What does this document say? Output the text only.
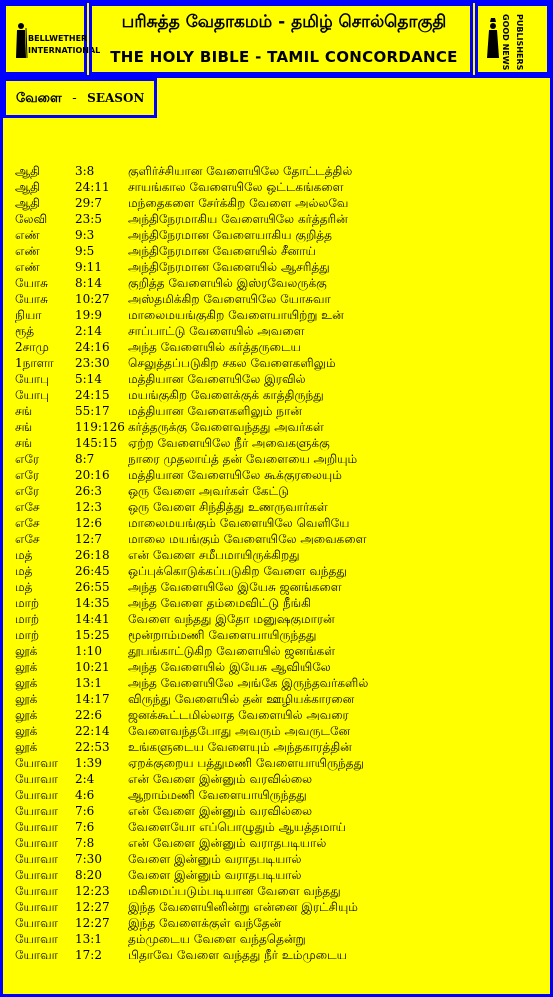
BELLWETHER
INTERNATIONAL
பரிசுத்த வேதாகமம் - தமிழ் சொல்தொகுதி
THE HOLY BIBLE - TAMIL CONCORDANCE	GOOD NEWS PUBLISHERS
வேளை - SEASON
ஆதி	3:8	குளிர்ச்சியான வேளையிலே தோட்டத்தில்
ஆதி	24:11	சாயங்கால வேளையிலே ஒட்டகங்களை
ஆதி	29:7	மந்தைகளை சேர்க்கிற வேளை அல்லவே
லேவி	23:5	அந்திநேரமாகிய வேளையிலே கர்த்தரின்
எண்	9:3	அந்திநேரமான வேளையாகிய குறித்த
எண்	9:5	அந்திநேரமான வேளையில் சீனாய்
எண்	9:11	அந்திநேரமான வேளையில் ஆசரித்து
யோசு	8:14	குறித்த வேளையில் இஸ்ரவேலருக்கு
யோசு	10:27	அஸ்தமிக்கிற வேளையிலே யோசுவா
நியா	19:9	மாலைமயங்குகிற வேளையாயிற்று உன்
ரூத்	2:14	சாப்பாட்டு வேளையில் அவளை
2சாமு	24:16	அந்த வேளையில் கர்த்தருடைய
1நாளா	23:30	செலுத்தப்படுகிற சகல வேளைகளிலும்
யோபு	5:14	மத்தியான வேளையிலே இரவில்
யோபு	24:15	மயங்குகிற வேளைக்குக் காத்திருந்து
சங்	55:17	மத்தியான வேளைகளிலும் நான்
சங்	119:126 கர்த்தருக்கு வேளைவந்தது அவர்கள்
சங்	145:15 ஏற்ற வேளையிலே நீர் அவைகளுக்கு
எரே	8:7	நாரை முதலாய்த் தன் வேளையை அறியும்
எரே	20:16	மத்தியான வேளையிலே கூக்குரலையும்
எரே	26:3	ஒரு வேளை அவர்கள் கேட்டு
எசே	12:3	ஒரு வேளை சிந்தித்து உணருவார்கள்
எசே	12:6	மாலைமயங்கும் வேளையிலே வெளியே
எசே	12:7	மாலை மயங்கும் வேளையிலே அவைகளை
மத்	26:18	என் வேளை சமீபமாயிருக்கிறது
மத்	26:45	ஒப்புக்கொடுக்கப்படுகிற வேளை வந்தது
மத்	26:55	அந்த வேளையிலே இயேசு ஜனங்களை
மாற்	14:35	அந்த வேளை தம்மைவிட்டு நீங்கி
மாற்	14:41	வேளை வந்தது இதோ மனுஷகுமாரன்
மாற்	15:25	மூன்றாம்மணி வேளையாயிருந்தது
லூக்	1:10	தூபங்காட்டுகிற வேளையில் ஜனங்கள்
லூக்	10:21	அந்த வேளையில் இயேசு ஆவியிலே
லூக்	13:1	அந்த வேளையிலே அங்கே இருந்தவர்களில்
லூக்	14:17	விருந்து வேளையில் தன் ஊழியக்காரனை
லூக்	22:6	ஜனக்கூட்டமில்லாத வேளையில் அவரை
லூக்	22:14	வேளைவந்தபோது அவரும் அவருடனே
லூக்	22:53	உங்களுடைய வேளையும் அந்தகாரத்தின்
யோவா	1:39	ஏறக்குறைய பத்துமணி வேளையாயிருந்தது
யோவா	2:4	என் வேளை இன்னும் வரவில்லை
யோவா	4:6	ஆறாம்மணி வேளையாயிருந்தது
யோவா	7:6	என் வேளை இன்னும் வரவில்லை
யோவா	7:6	வேளையோ எப்பொழுதும் ஆயத்தமாய்
யோவா	7:8	என் வேளை இன்னும் வராதபடியால்
யோவா	7:30	வேளை இன்னும் வராதபடியால்
யோவா	8:20	வேளை இன்னும் வராதபடியால்
யோவா	12:23	மகிமைப்படும்படியான வேளை வந்தது
யோவா	12:27	இந்த வேளையினின்று என்னை இரட்சியும்
யோவா	12:27	இந்த வேளைக்குள் வந்தேன்
யோவா	13:1	தம்முடைய வேளை வந்ததென்று
யோவா	17:2	பிதாவே வேளை வந்தது நீர் உம்முடைய
